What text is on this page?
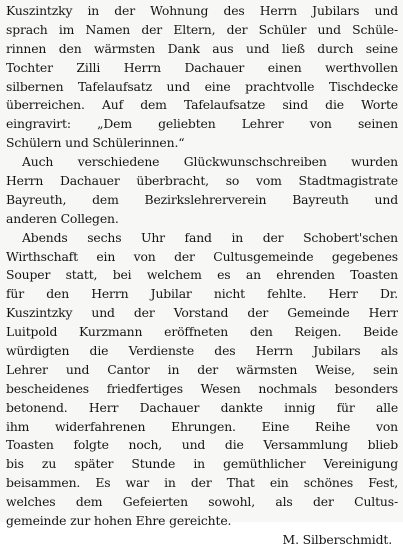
Kuszintzky in der Wohnung des Herrn Jubilars und
sprach im Namen der Eltern, der Schüler und Schüle-
rinnen den wärmsten Dank aus und ließ durch seine
Tochter Zilli Herrn Dachauer einen werthvollen
silbernen Tafelaufsatz und eine prachtvolle Tischdecke
überreichen. Auf dem Tafelaufsatze sind die Worte
eingravirt: „Dem geliebten Lehrer von seinen
Schülern und Schülerinnen.“
Auch verschiedene Glückwunschschreiben wurden
Herrn Dachauer überbracht, so vom Stadtmagistrate
Bayreuth, dem Bezirkslehrerverein Bayreuth und
anderen Collegen.
Abends sechs Uhr fand in der Schobert'schen
Wirthschaft ein von der Cultusgemeinde gegebenes
Souper statt, bei welchem es an ehrenden Toasten
für den Herrn Jubilar nicht fehlte. Herr Dr.
Kuszintzky und der Vorstand der Gemeinde Herr
Luitpold Kurzmann eröffneten den Reigen. Beide
würdigten die Verdienste des Herrn Jubilars als
Lehrer und Cantor in der wärmsten Weise, sein
bescheidenes friedfertiges Wesen nochmals besonders
betonend. Herr Dachauer dankte innig für alle
ihm widerfahrenen Ehrungen. Eine Reihe von
Toasten folgte noch, und die Versammlung blieb
bis zu später Stunde in gemüthlicher Vereinigung
beisammen. Es war in der That ein schönes Fest,
welches dem Gefeierten sowohl, als der Cultus-
gemeinde zur hohen Ehre gereichte.
M. Silberschmidt.
